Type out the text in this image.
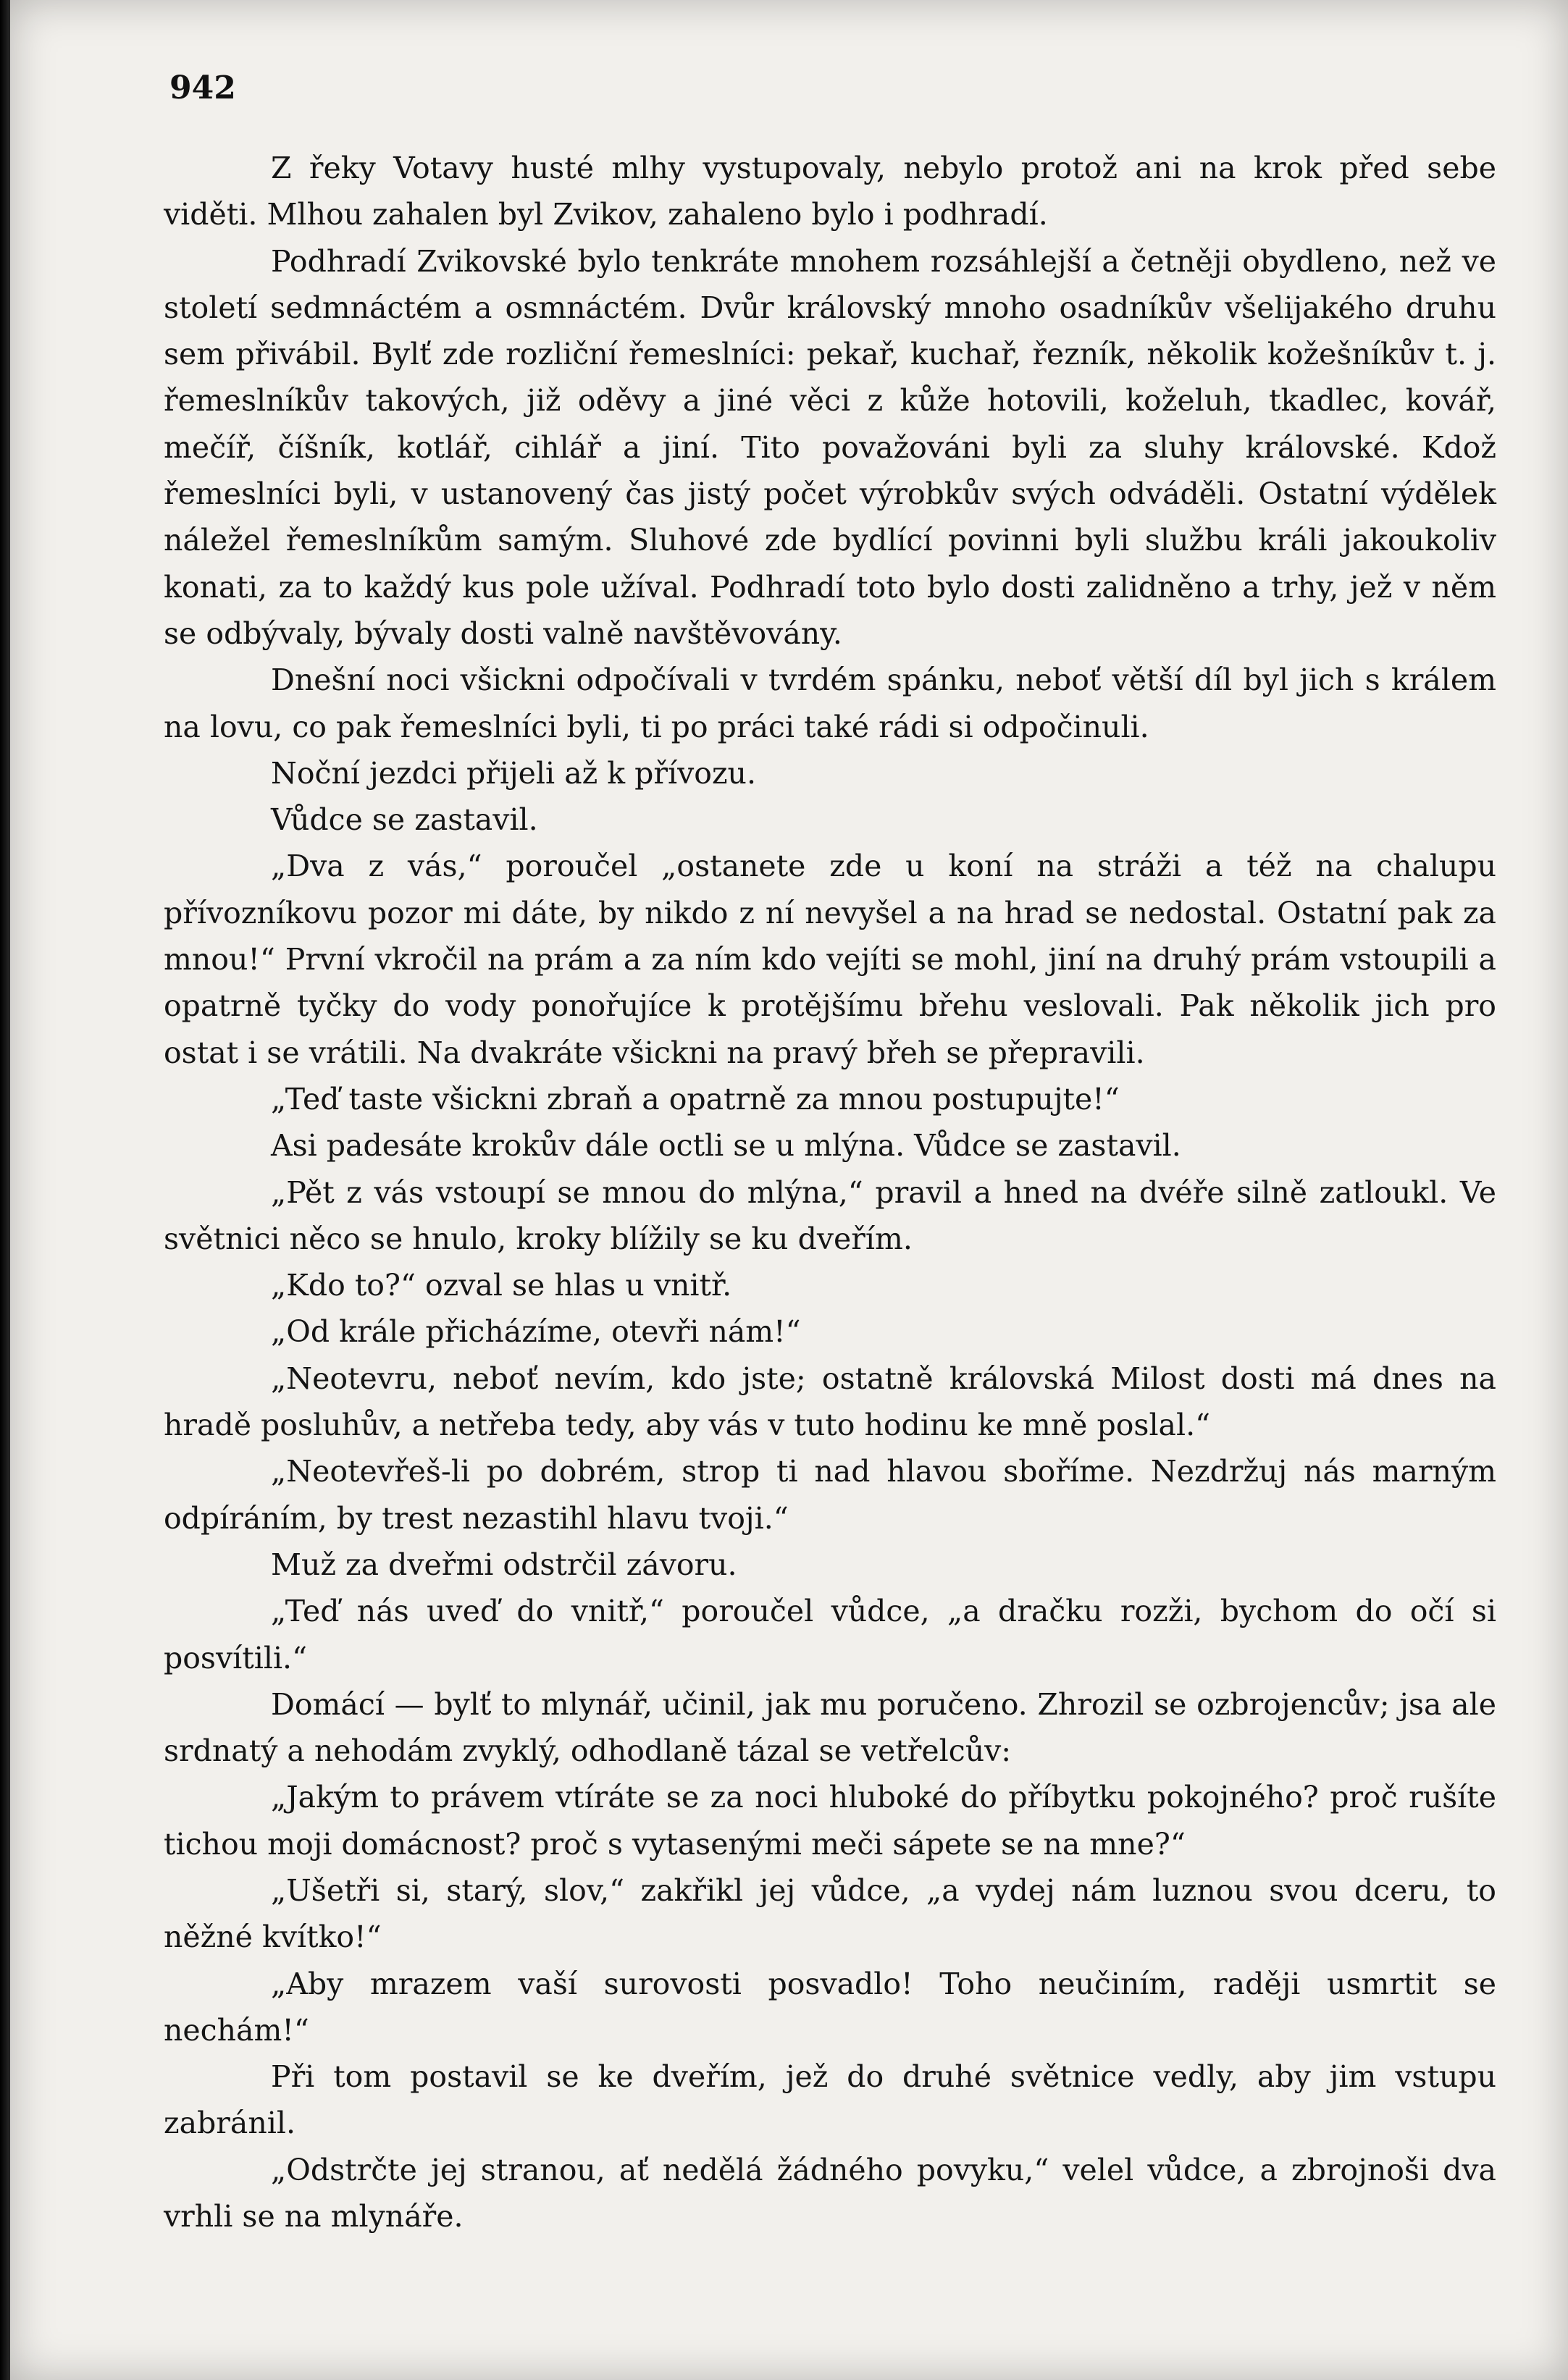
942

Z řeky Votavy husté mlhy vystupovaly, nebylo protož ani na krok před sebe viděti. Mlhou zahalen byl Zvikov, zahaleno bylo i podhradí.

Podhradí Zvikovské bylo tenkráte mnohem rozsáhlejší a četněji obydleno, než ve století sedmnáctém a osmnáctém. Dvůr královský mnoho osadníkův všelijakého druhu sem přivábil. Bylť zde rozliční řemeslníci: pekař, kuchař, řezník, několik kožešníkův t. j. řemeslníkův takových, již oděvy a jiné věci z kůže hotovili, koželuh, tkadlec, kovář, mečíř, číšník, kotlář, cihlář a jiní. Tito považováni byli za sluhy královské. Kdož řemeslníci byli, v ustanovený čas jistý počet výrobkův svých odváděli. Ostatní výdělek náležel řemeslníkům samým. Sluhové zde bydlící povinni byli službu králi jakoukoliv konati, za to každý kus pole užíval. Podhradí toto bylo dosti zalidněno a trhy, jež v něm se odbývaly, bývaly dosti valně navštěvovány.

Dnešní noci všickni odpočívali v tvrdém spánku, neboť větší díl byl jich s králem na lovu, co pak řemeslníci byli, ti po práci také rádi si odpočinuli.

Noční jezdci přijeli až k přívozu.

Vůdce se zastavil.

„Dva z vás,“ poroučel „ostanete zde u koní na stráži a též na chalupu přívozníkovu pozor mi dáte, by nikdo z ní nevyšel a na hrad se nedostal. Ostatní pak za mnou!“ První vkročil na prám a za ním kdo vejíti se mohl, jiní na druhý prám vstoupili a opatrně tyčky do vody ponořujíce k protějšímu břehu veslovali. Pak několik jich pro ostat i se vrátili. Na dvakráte všickni na pravý břeh se přepravili.

„Teď taste všickni zbraň a opatrně za mnou postupujte!“

Asi padesáte krokův dále octli se u mlýna. Vůdce se zastavil.

„Pět z vás vstoupí se mnou do mlýna,“ pravil a hned na dvéře silně zatloukl. Ve světnici něco se hnulo, kroky blížily se ku dveřím.

„Kdo to?“ ozval se hlas u vnitř.

„Od krále přicházíme, otevři nám!“

„Neotevru, neboť nevím, kdo jste; ostatně královská Milost dosti má dnes na hradě posluhův, a netřeba tedy, aby vás v tuto hodinu ke mně poslal.“

„Neotevřeš-li po dobrém, strop ti nad hlavou sboříme. Nezdržuj nás marným odpíráním, by trest nezastihl hlavu tvoji.“

Muž za dveřmi odstrčil závoru.

„Teď nás uveď do vnitř,“ poroučel vůdce, „a dračku rozži, bychom do očí si posvítili.“

Domácí — bylť to mlynář, učinil, jak mu poručeno. Zhrozil se ozbrojencův; jsa ale srdnatý a nehodám zvyklý, odhodlaně tázal se vetřelcův:

„Jakým to právem vtíráte se za noci hluboké do příbytku pokojného? proč rušíte tichou moji domácnost? proč s vytasenými meči sápete se na mne?“

„Ušetři si, starý, slov,“ zakřikl jej vůdce, „a vydej nám luznou svou dceru, to něžné kvítko!“

„Aby mrazem vaší surovosti posvadlo! Toho neučiním, raději usmrtit se nechám!“

Při tom postavil se ke dveřím, jež do druhé světnice vedly, aby jim vstupu zabránil.

„Odstrčte jej stranou, ať nedělá žádného povyku,“ velel vůdce, a zbrojnoši dva vrhli se na mlynáře.
